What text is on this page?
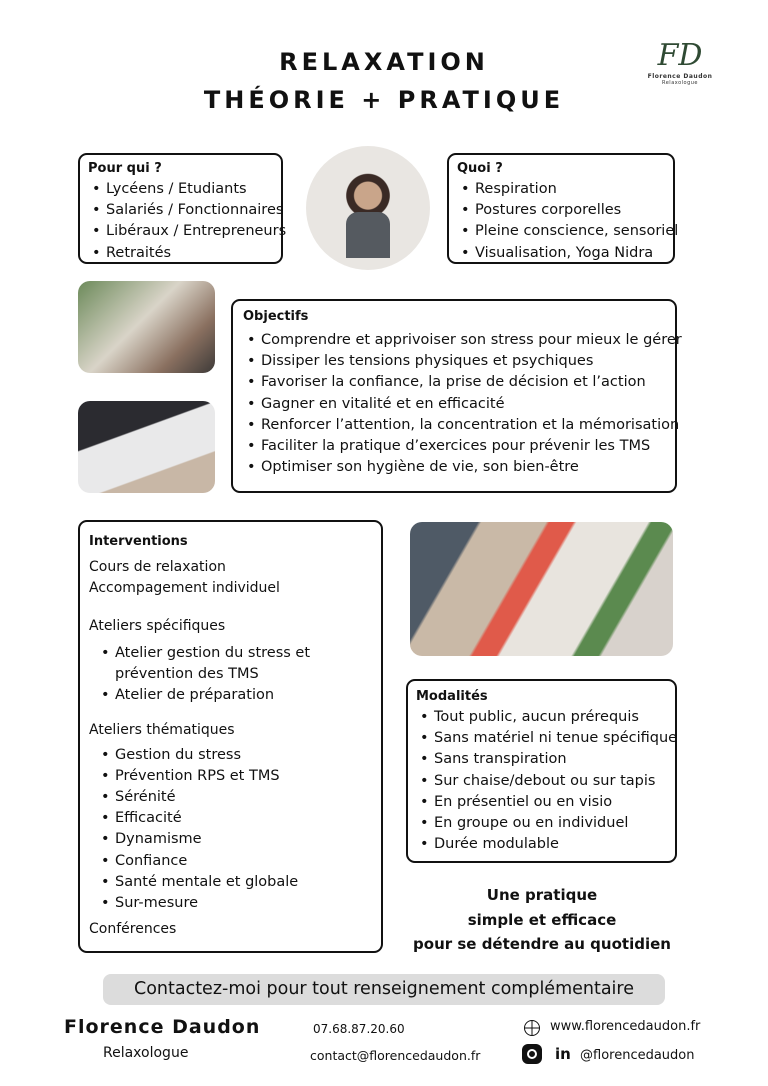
RELAXATION
THÉORIE + PRATIQUE
FD
Florence Daudon
Relaxologue
Pour qui ?
• Lycéens / Etudiants
• Salariés / Fonctionnaires
• Libéraux / Entrepreneurs
• Retraités
Quoi ?
• Respiration
• Postures corporelles
• Pleine conscience, sensoriel
• Visualisation, Yoga Nidra
Objectifs
• Comprendre et apprivoiser son stress pour mieux le gérer
• Dissiper les tensions physiques et psychiques
• Favoriser la confiance, la prise de décision et l’action
• Gagner en vitalité et en efficacité
• Renforcer l’attention, la concentration et la mémorisation
• Faciliter la pratique d’exercices pour prévenir les TMS
• Optimiser son hygiène de vie, son bien-être
Interventions
Cours de relaxation
Accompagement individuel
Ateliers spécifiques
• Atelier gestion du stress et
prévention des TMS
• Atelier de préparation
Ateliers thématiques
• Gestion du stress
• Prévention RPS et TMS
• Sérénité
• Efficacité
• Dynamisme
• Confiance
• Santé mentale et globale
• Sur-mesure
Conférences
Modalités
• Tout public, aucun prérequis
• Sans matériel ni tenue spécifique
• Sans transpiration
• Sur chaise/debout ou sur tapis
• En présentiel ou en visio
• En groupe ou en individuel
• Durée modulable
Une pratique
simple et efficace
pour se détendre au quotidien
Contactez-moi pour tout renseignement complémentaire
Florence Daudon
Relaxologue
07.68.87.20.60
contact@florencedaudon.fr
www.florencedaudon.fr
in @florencedaudon
